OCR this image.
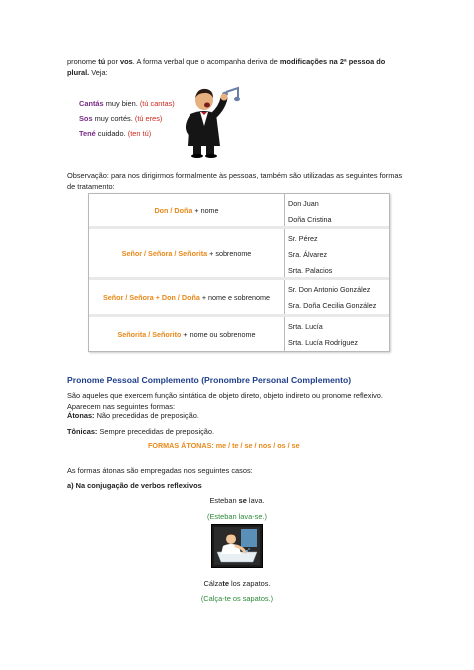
pronome tú por vos. A forma verbal que o acompanha deriva de modificações na 2ª pessoa do
plural. Veja:
Cantás muy bien. (tú cantas)
Sos muy cortés. (tú eres)
Tené cuidado. (ten tú)
Observação: para nos dirigirmos formalmente às pessoas, também são utilizadas as seguintes formas de tratamento:
Don / Doña + nome
Don Juan
Doña Cristina
Señor / Señora / Señorita + sobrenome
Sr. Pérez
Sra. Álvarez
Srta. Palacios
Señor / Señora + Don / Doña + nome e sobrenome
Sr. Don Antonio González
Sra. Doña Cecilia González
Señorita / Señorito + nome ou sobrenome
Srta. Lucía
Srta. Lucía Rodríguez
Pronome Pessoal Complemento (Pronombre Personal Complemento)
São aqueles que exercem função sintática de objeto direto, objeto indireto ou pronome reflexivo. Aparecem nas seguintes formas:
Átonas: Não precedidas de preposição.
Tônicas: Sempre precedidas de preposição.
FORMAS ÁTONAS: me / te / se / nos / os / se
As formas átonas são empregadas nos seguintes casos:
a) Na conjugação de verbos reflexivos
Esteban se lava.
(Esteban lava-se.)
Cálzate los zapatos.
(Calça-te os sapatos.)
